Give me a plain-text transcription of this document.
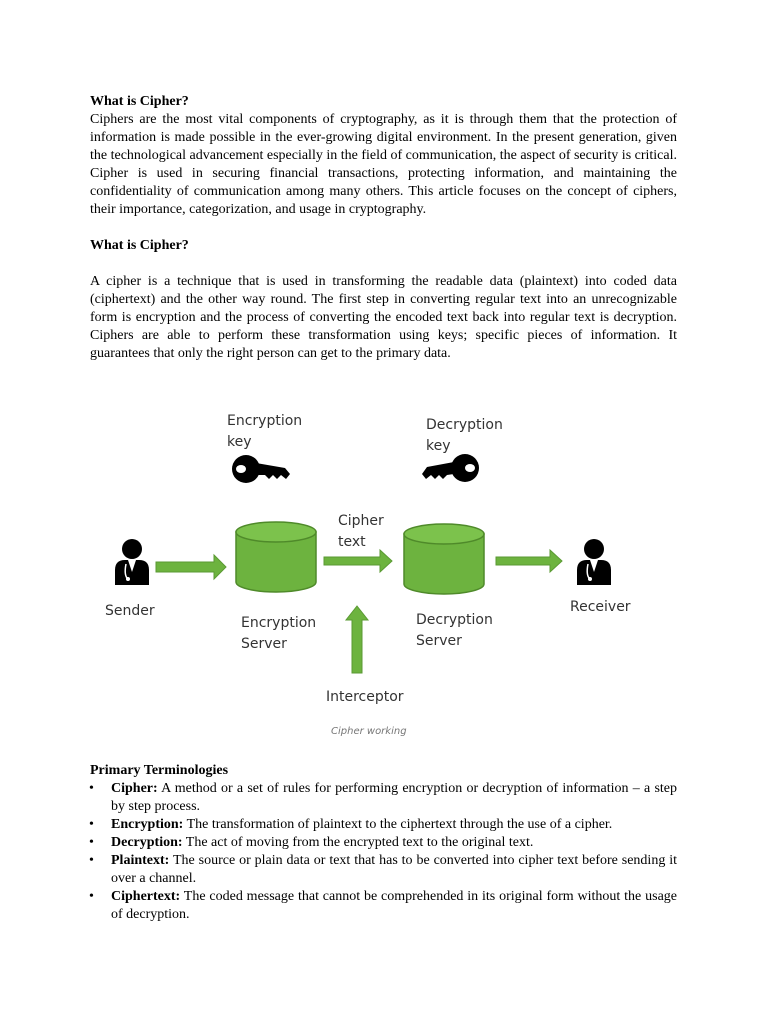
What is Cipher?

Ciphers are the most vital components of cryptography, as it is through them that the protection of information is made possible in the ever-growing digital environment. In the present generation, given the technological advancement especially in the field of communication, the aspect of security is critical. Cipher is used in securing financial transactions, protecting information, and maintaining the confidentiality of communication among many others. This article focuses on the concept of ciphers, their importance, categorization, and usage in cryptography.

What is Cipher?

A cipher is a technique that is used in transforming the readable data (plaintext) into coded data (ciphertext) and the other way round. The first step in converting regular text into an unrecognizable form is encryption and the process of converting the encoded text back into regular text is decryption. Ciphers are able to perform these transformation using keys; specific pieces of information. It guarantees that only the right person can get to the primary data.

Encryption key
Decryption key
Cipher text
Sender
Encryption Server
Decryption Server
Receiver
Interceptor
Cipher working

Primary Terminologies

• Cipher: A method or a set of rules for performing encryption or decryption of information – a step by step process.
• Encryption: The transformation of plaintext to the ciphertext through the use of a cipher.
• Decryption: The act of moving from the encrypted text to the original text.
• Plaintext: The source or plain data or text that has to be converted into cipher text before sending it over a channel.
• Ciphertext: The coded message that cannot be comprehended in its original form without the usage of decryption.
